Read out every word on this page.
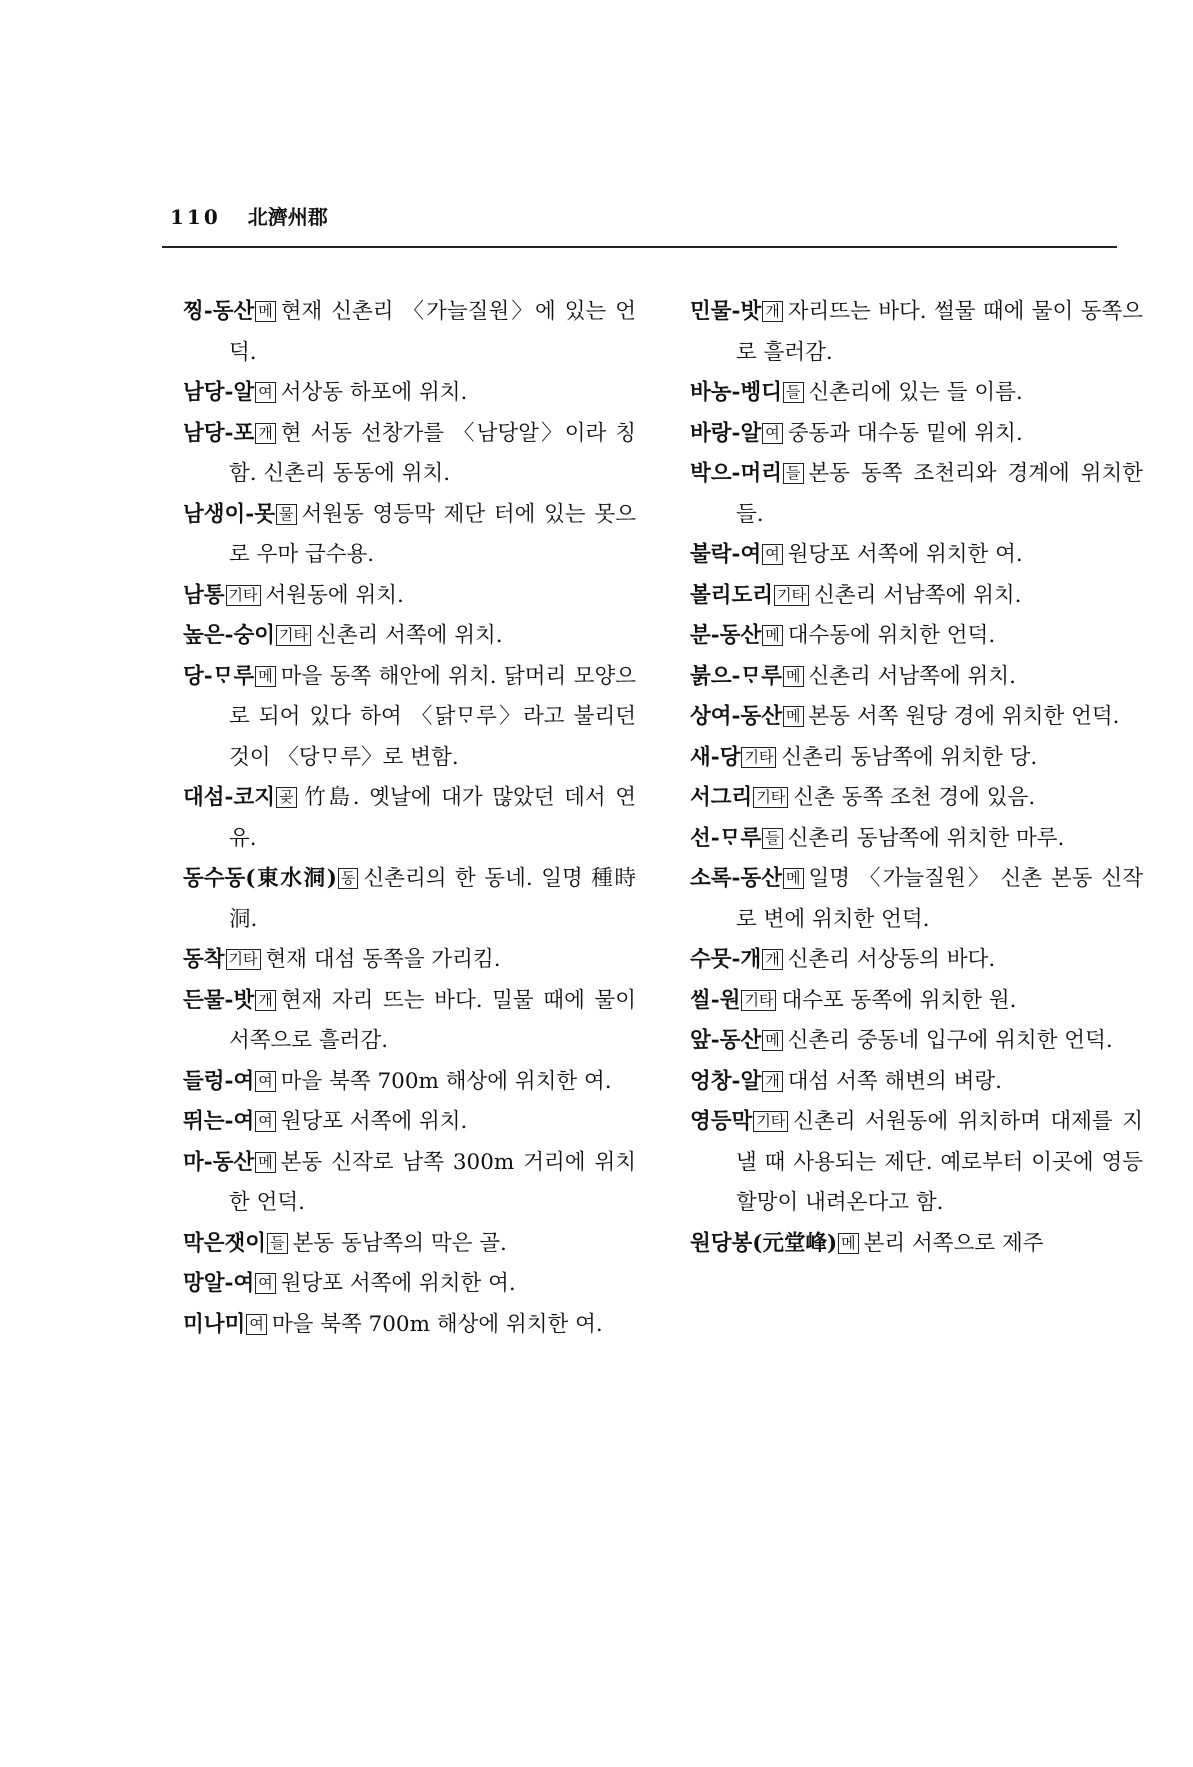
110 北濟州郡
찡-동산 메 현재 신촌리 〈가늘질원〉에 있는 언덕.
남당-알 여 서상동 하포에 위치.
남당-포 개 현 서동 선창가를 〈남당알〉이라 칭함. 신촌리 동동에 위치.
남생이-못 물 서원동 영등막 제단 터에 있는 못으로 우마 급수용.
남통 기타 서원동에 위치.
높은-숭이 기타 신촌리 서쪽에 위치.
당-ᄆᆞ루 메 마을 동쪽 해안에 위치. 닭머리 모양으로 되어 있다 하여 〈닭ᄆᆞ루〉라고 불리던 것이 〈당ᄆᆞ루〉로 변함.
대섬-코지 곶 竹島. 옛날에 대가 많았던 데서 연유.
동수동(東水洞) 동 신촌리의 한 동네. 일명 種時洞.
동착 기타 현재 대섬 동쪽을 가리킴.
든물-밧 개 현재 자리 뜨는 바다. 밀물 때에 물이 서쪽으로 흘러감.
들렁-여 여 마을 북쪽 700m 해상에 위치한 여.
뛰는-여 여 원당포 서쪽에 위치.
마-동산 메 본동 신작로 남쪽 300m 거리에 위치한 언덕.
막은잿이 들 본동 동남쪽의 막은 골.
망알-여 여 원당포 서쪽에 위치한 여.
미나미 여 마을 북쪽 700m 해상에 위치한 여.
민물-밧 개 자리뜨는 바다. 썰물 때에 물이 동쪽으로 흘러감.
바농-벵디 들 신촌리에 있는 들 이름.
바랑-알 여 중동과 대수동 밑에 위치.
박으-머리 들 본동 동쪽 조천리와 경계에 위치한 들.
불락-여 여 원당포 서쪽에 위치한 여.
볼리도리 기타 신촌리 서남쪽에 위치.
분-동산 메 대수동에 위치한 언덕.
붉으-ᄆᆞ루 메 신촌리 서남쪽에 위치.
상여-동산 메 본동 서쪽 원당 경에 위치한 언덕.
새-당 기타 신촌리 동남쪽에 위치한 당.
서그리 기타 신촌 동쪽 조천 경에 있음.
선-ᄆᆞ루 들 신촌리 동남쪽에 위치한 마루.
소록-동산 메 일명 〈가늘질원〉 신촌 본동 신작로 변에 위치한 언덕.
수뭇-개 개 신촌리 서상동의 바다.
씰-원 기타 대수포 동쪽에 위치한 원.
앞-동산 메 신촌리 중동네 입구에 위치한 언덕.
엉창-알 개 대섬 서쪽 해변의 벼랑.
영등막 기타 신촌리 서원동에 위치하며 대제를 지낼 때 사용되는 제단. 예로부터 이곳에 영등할망이 내려온다고 함.
원당봉(元堂峰) 메 본리 서쪽으로 제주
